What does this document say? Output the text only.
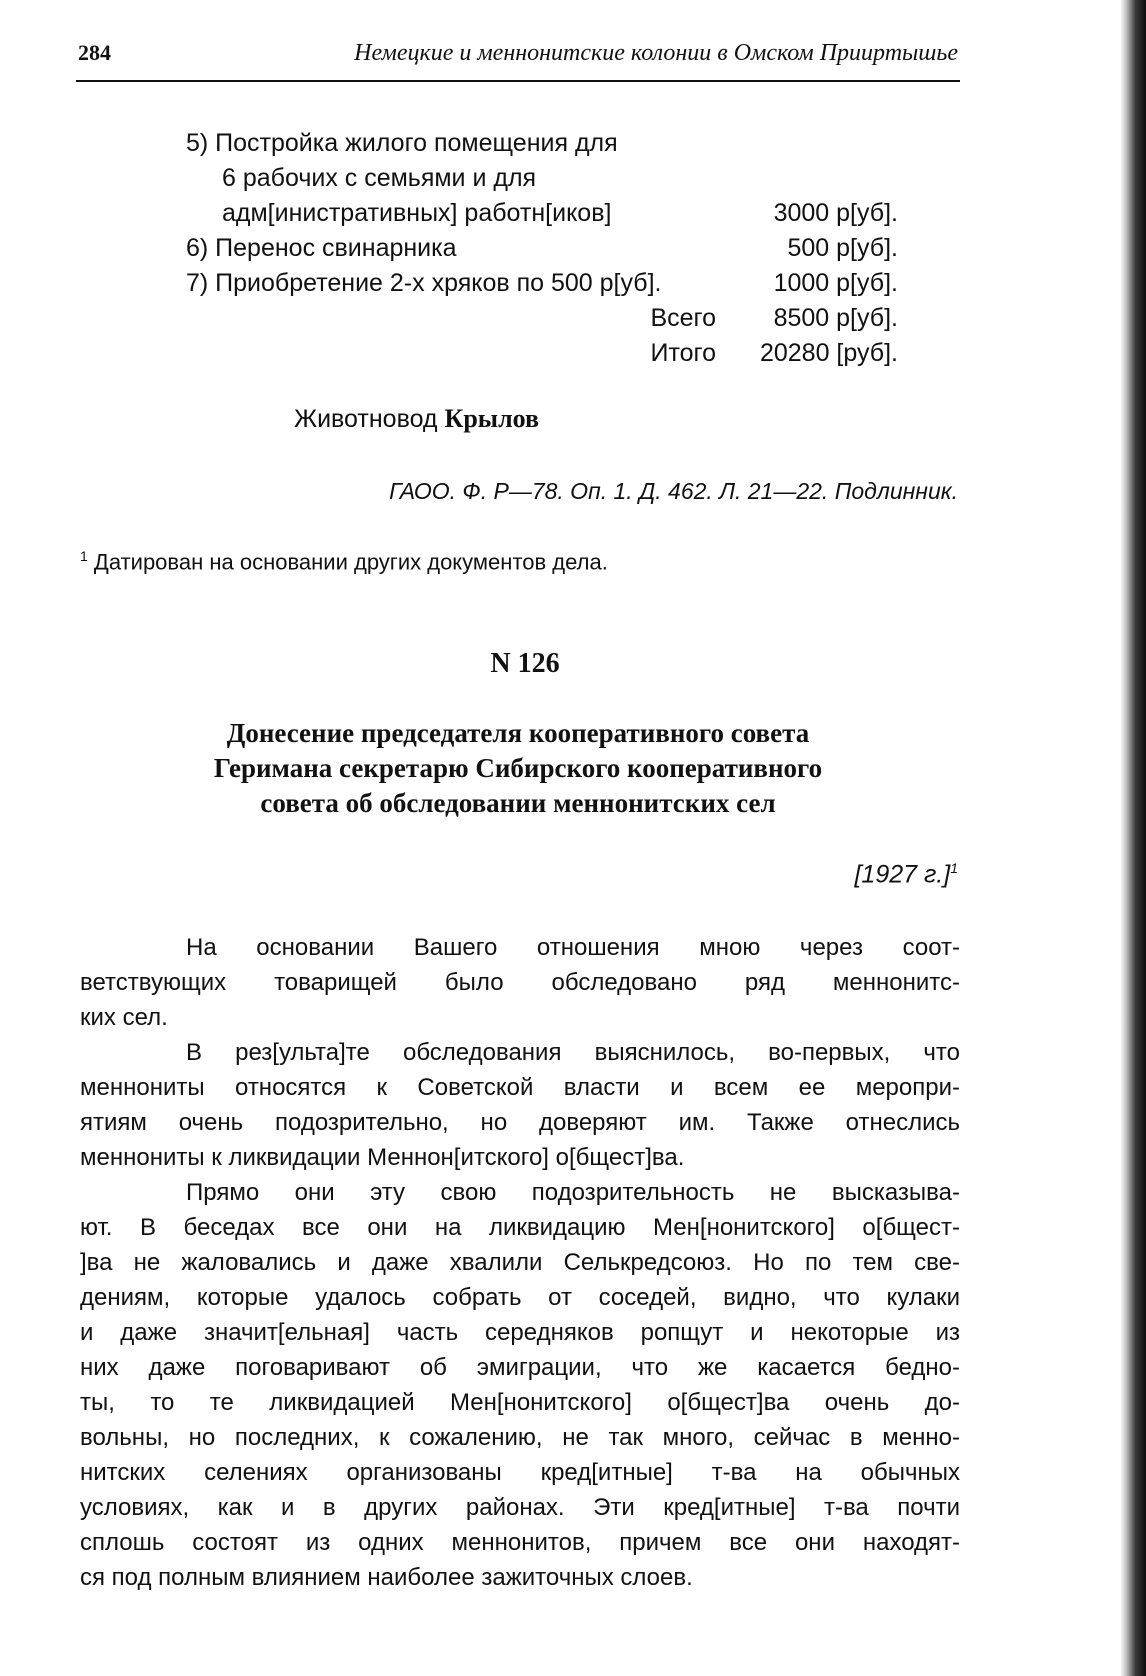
284	Немецкие и меннонитские колонии в Омском Прииртышье
5) Постройка жилого помещения для
6 рабочих с семьями и для
адм[инистративных] работн[иков]	3000 р[уб].
6) Перенос свинарника	500 р[уб].
7) Приобретение 2-х хряков по 500 р[уб].	1000 р[уб].
Всего 8500 р[уб].
Итого 20280 [руб].
Животновод Крылов
ГАОО. Ф. Р—78. Оп. 1. Д. 462. Л. 21—22. Подлинник.
$^1$ Датирован на основании других документов дела.
N 126
Донесение председателя кооперативного совета
Геримана секретарю Сибирского кооперативного
совета об обследовании меннонитских сел
[1927 г.]$^1$
На основании Вашего отношения мною через соот-
ветствующих товарищей было обследовано ряд меннонитс-
ких сел.
В рез[ульта]те обследования выяснилось, во-первых, что
меннониты относятся к Советской власти и всем ее меропри-
ятиям очень подозрительно, но доверяют им. Также отнеслись
меннониты к ликвидации Меннон[итского] о[бщест]ва.
Прямо они эту свою подозрительность не высказыва-
ют. В беседах все они на ликвидацию Мен[нонитского] о[бщест-
]ва не жаловались и даже хвалили Селькредсоюз. Но по тем све-
дениям, которые удалось собрать от соседей, видно, что кулаки
и даже значит[ельная] часть середняков ропщут и некоторые из
них даже поговаривают об эмиграции, что же касается бедно-
ты, то те ликвидацией Мен[нонитского] о[бщест]ва очень до-
вольны, но последних, к сожалению, не так много, сейчас в менно-
нитских селениях организованы кред[итные] т-ва на обычных
условиях, как и в других районах. Эти кред[итные] т-ва почти
сплошь состоят из одних меннонитов, причем все они находят-
ся под полным влиянием наиболее зажиточных слоев.
